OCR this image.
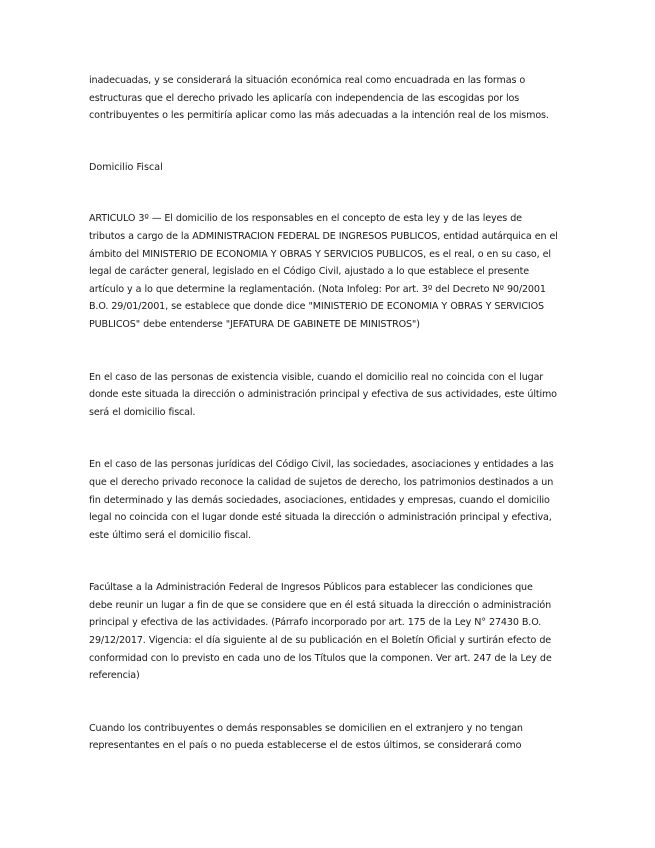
inadecuadas, y se considerará la situación económica real como encuadrada en las formas o estructuras que el derecho privado les aplicaría con independencia de las escogidas por los contribuyentes o les permitiría aplicar como las más adecuadas a la intención real de los mismos.

Domicilio Fiscal

ARTICULO 3º — El domicilio de los responsables en el concepto de esta ley y de las leyes de tributos a cargo de la ADMINISTRACION FEDERAL DE INGRESOS PUBLICOS, entidad autárquica en el ámbito del MINISTERIO DE ECONOMIA Y OBRAS Y SERVICIOS PUBLICOS, es el real, o en su caso, el legal de carácter general, legislado en el Código Civil, ajustado a lo que establece el presente artículo y a lo que determine la reglamentación. (Nota Infoleg: Por art. 3º del Decreto Nº 90/2001 B.O. 29/01/2001, se establece que donde dice "MINISTERIO DE ECONOMIA Y OBRAS Y SERVICIOS PUBLICOS" debe entenderse "JEFATURA DE GABINETE DE MINISTROS")

En el caso de las personas de existencia visible, cuando el domicilio real no coincida con el lugar donde este situada la dirección o administración principal y efectiva de sus actividades, este último será el domicilio fiscal.

En el caso de las personas jurídicas del Código Civil, las sociedades, asociaciones y entidades a las que el derecho privado reconoce la calidad de sujetos de derecho, los patrimonios destinados a un fin determinado y las demás sociedades, asociaciones, entidades y empresas, cuando el domicilio legal no coincida con el lugar donde esté situada la dirección o administración principal y efectiva, este último será el domicilio fiscal.

Facúltase a la Administración Federal de Ingresos Públicos para establecer las condiciones que debe reunir un lugar a fin de que se considere que en él está situada la dirección o administración principal y efectiva de las actividades. (Párrafo incorporado por art. 175 de la Ley N° 27430 B.O. 29/12/2017. Vigencia: el día siguiente al de su publicación en el Boletín Oficial y surtirán efecto de conformidad con lo previsto en cada uno de los Títulos que la componen. Ver art. 247 de la Ley de referencia)

Cuando los contribuyentes o demás responsables se domicilien en el extranjero y no tengan representantes en el país o no pueda establecerse el de estos últimos, se considerará como
